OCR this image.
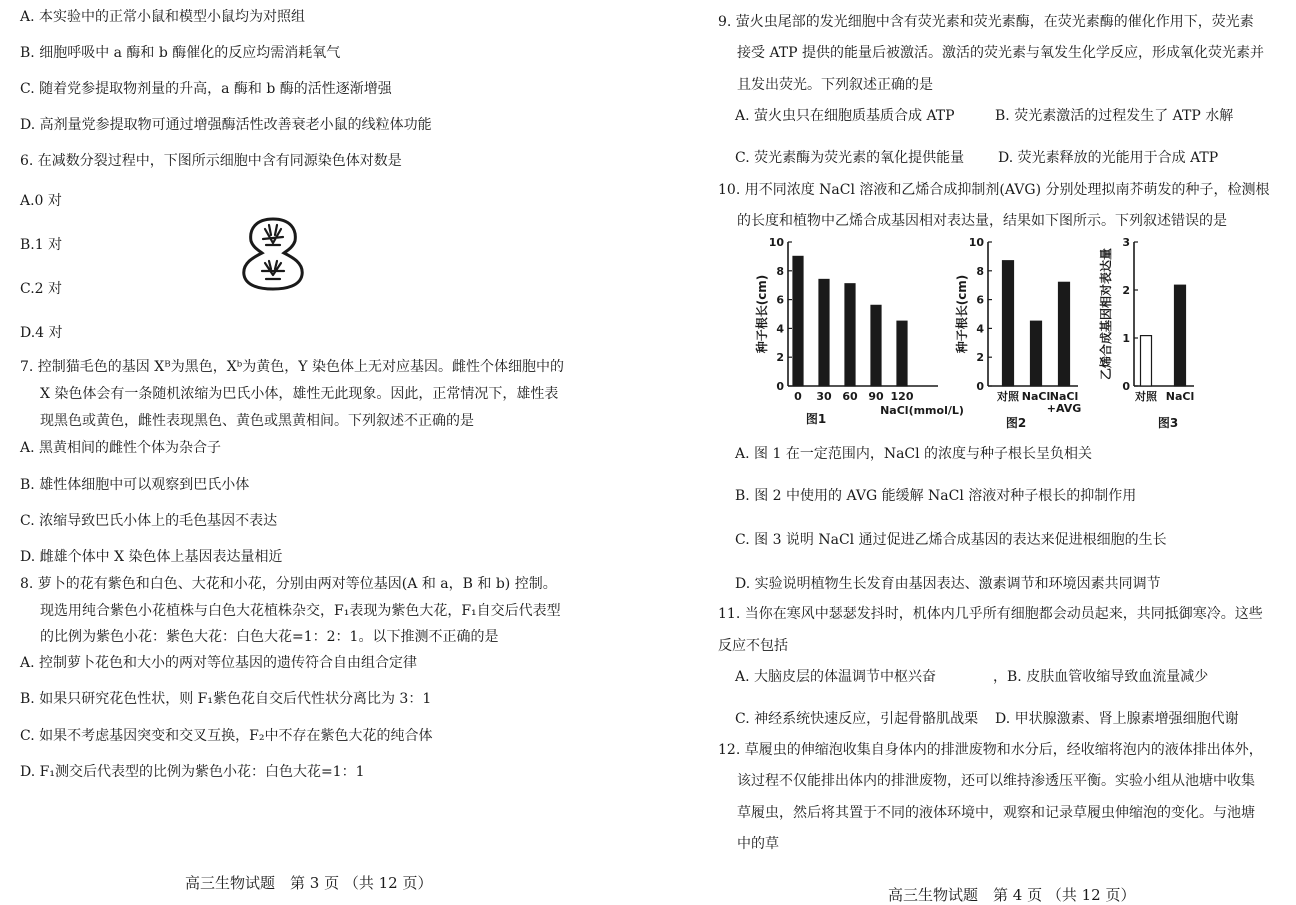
A. 本实验中的正常小鼠和模型小鼠均为对照组
B. 细胞呼吸中 a 酶和 b 酶催化的反应均需消耗氧气
C. 随着党参提取物剂量的升高，a 酶和 b 酶的活性逐渐增强
D. 高剂量党参提取物可通过增强酶活性改善衰老小鼠的线粒体功能
6. 在减数分裂过程中，下图所示细胞中含有同源染色体对数是
A.0 对
B.1 对
C.2 对
D.4 对
7. 控制猫毛色的基因 Xᴮ为黑色，Xᵇ为黄色，Y 染色体上无对应基因。雌性个体细胞中的
X 染色体会有一条随机浓缩为巴氏小体，雄性无此现象。因此，正常情况下，雄性表
现黑色或黄色，雌性表现黑色、黄色或黑黄相间。下列叙述不正确的是
A. 黑黄相间的雌性个体为杂合子
B. 雄性体细胞中可以观察到巴氏小体
C. 浓缩导致巴氏小体上的毛色基因不表达
D. 雌雄个体中 X 染色体上基因表达量相近
8. 萝卜的花有紫色和白色、大花和小花，分别由两对等位基因(A 和 a，B 和 b) 控制。
现选用纯合紫色小花植株与白色大花植株杂交，F₁表现为紫色大花，F₁自交后代表型
的比例为紫色小花：紫色大花：白色大花=1：2：1。以下推测不正确的是
A. 控制萝卜花色和大小的两对等位基因的遗传符合自由组合定律
B. 如果只研究花色性状，则 F₁紫色花自交后代性状分离比为 3：1
C. 如果不考虑基因突变和交叉互换，F₂中不存在紫色大花的纯合体
D. F₁测交后代表型的比例为紫色小花：白色大花=1：1
高三生物试题　第 3 页 （共 12 页）
9. 萤火虫尾部的发光细胞中含有荧光素和荧光素酶，在荧光素酶的催化作用下，荧光素
接受 ATP 提供的能量后被激活。激活的荧光素与氧发生化学反应，形成氧化荧光素并
且发出荧光。下列叙述正确的是
A. 萤火虫只在细胞质基质合成 ATP	B. 荧光素激活的过程发生了 ATP 水解
C. 荧光素酶为荧光素的氧化提供能量 D. 荧光素释放的光能用于合成 ATP
10. 用不同浓度 NaCl 溶液和乙烯合成抑制剂(AVG) 分别处理拟南芥萌发的种子，检测根
的长度和植物中乙烯合成基因相对表达量，结果如下图所示。下列叙述错误的是
0
2
4
6
8
10
种子根长(cm)
0 30 60 90 120
NaCl(mmol/L)
图1
0
2
4
6
8
10
种子根长(cm)
对照 NaCl NaCl
+AVG
图2
0
1
2
3
乙烯合成基因相对表达量
对照 NaCl
图3
A. 图 1 在一定范围内，NaCl 的浓度与种子根长呈负相关
B. 图 2 中使用的 AVG 能缓解 NaCl 溶液对种子根长的抑制作用
C. 图 3 说明 NaCl 通过促进乙烯合成基因的表达来促进根细胞的生长
D. 实验说明植物生长发育由基因表达、激素调节和环境因素共同调节
11. 当你在寒风中瑟瑟发抖时，机体内几乎所有细胞都会动员起来，共同抵御寒冷。这些
反应不包括
A. 大脑皮层的体温调节中枢兴奋	，B. 皮肤血管收缩导致血流量减少
C. 神经系统快速反应，引起骨骼肌战栗 D. 甲状腺激素、肾上腺素增强细胞代谢
12. 草履虫的伸缩泡收集自身体内的排泄废物和水分后，经收缩将泡内的液体排出体外，
该过程不仅能排出体内的排泄废物，还可以维持渗透压平衡。实验小组从池塘中收集
草履虫，然后将其置于不同的液体环境中，观察和记录草履虫伸缩泡的变化。与池塘
中的草
高三生物试题　第 4 页 （共 12 页）
